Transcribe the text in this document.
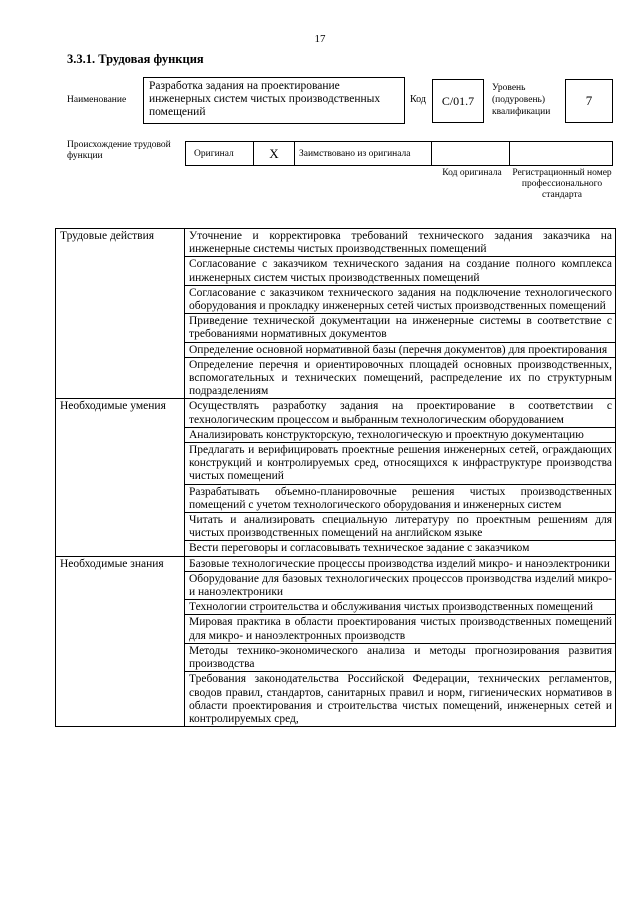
17
3.3.1. Трудовая функция
Наименование
Разработка задания на проектирование инженерных систем чистых производственных помещений
Код	C/01.7
Уровень (подуровень) квалификации
7
Происхождение трудовой функции	Оригинал	X	Заимствовано из оригинала
Код оригинала	Регистрационный номер профессионального стандарта
Трудовые действия	Уточнение и корректировка требований технического задания заказчика на инженерные системы чистых производственных помещений
	Согласование с заказчиком технического задания на создание полного комплекса инженерных систем чистых производственных помещений
	Согласование с заказчиком технического задания на подключение технологического оборудования и прокладку инженерных сетей чистых производственных помещений
	Приведение технической документации на инженерные системы в соответствие с требованиями нормативных документов
	Определение основной нормативной базы (перечня документов) для проектирования
	Определение перечня и ориентировочных площадей основных производственных, вспомогательных и технических помещений, распределение их по структурным подразделениям
Необходимые умения	Осуществлять разработку задания на проектирование в соответствии с технологическим процессом и выбранным технологическим оборудованием
	Анализировать конструкторскую, технологическую и проектную документацию
	Предлагать и верифицировать проектные решения инженерных сетей, ограждающих конструкций и контролируемых сред, относящихся к инфраструктуре производства чистых помещений
	Разрабатывать объемно-планировочные решения чистых производственных помещений с учетом технологического оборудования и инженерных систем
	Читать и анализировать специальную литературу по проектным решениям для чистых производственных помещений на английском языке
	Вести переговоры и согласовывать техническое задание с заказчиком
Необходимые знания	Базовые технологические процессы производства изделий микро- и наноэлектроники
	Оборудование для базовых технологических процессов производства изделий микро- и наноэлектроники
	Технологии строительства и обслуживания чистых производственных помещений
	Мировая практика в области проектирования чистых производственных помещений для микро- и наноэлектронных производств
	Методы технико-экономического анализа и методы прогнозирования развития производства
	Требования законодательства Российской Федерации, технических регламентов, сводов правил, стандартов, санитарных правил и норм, гигиенических нормативов в области проектирования и строительства чистых помещений, инженерных сетей и контролируемых сред,
